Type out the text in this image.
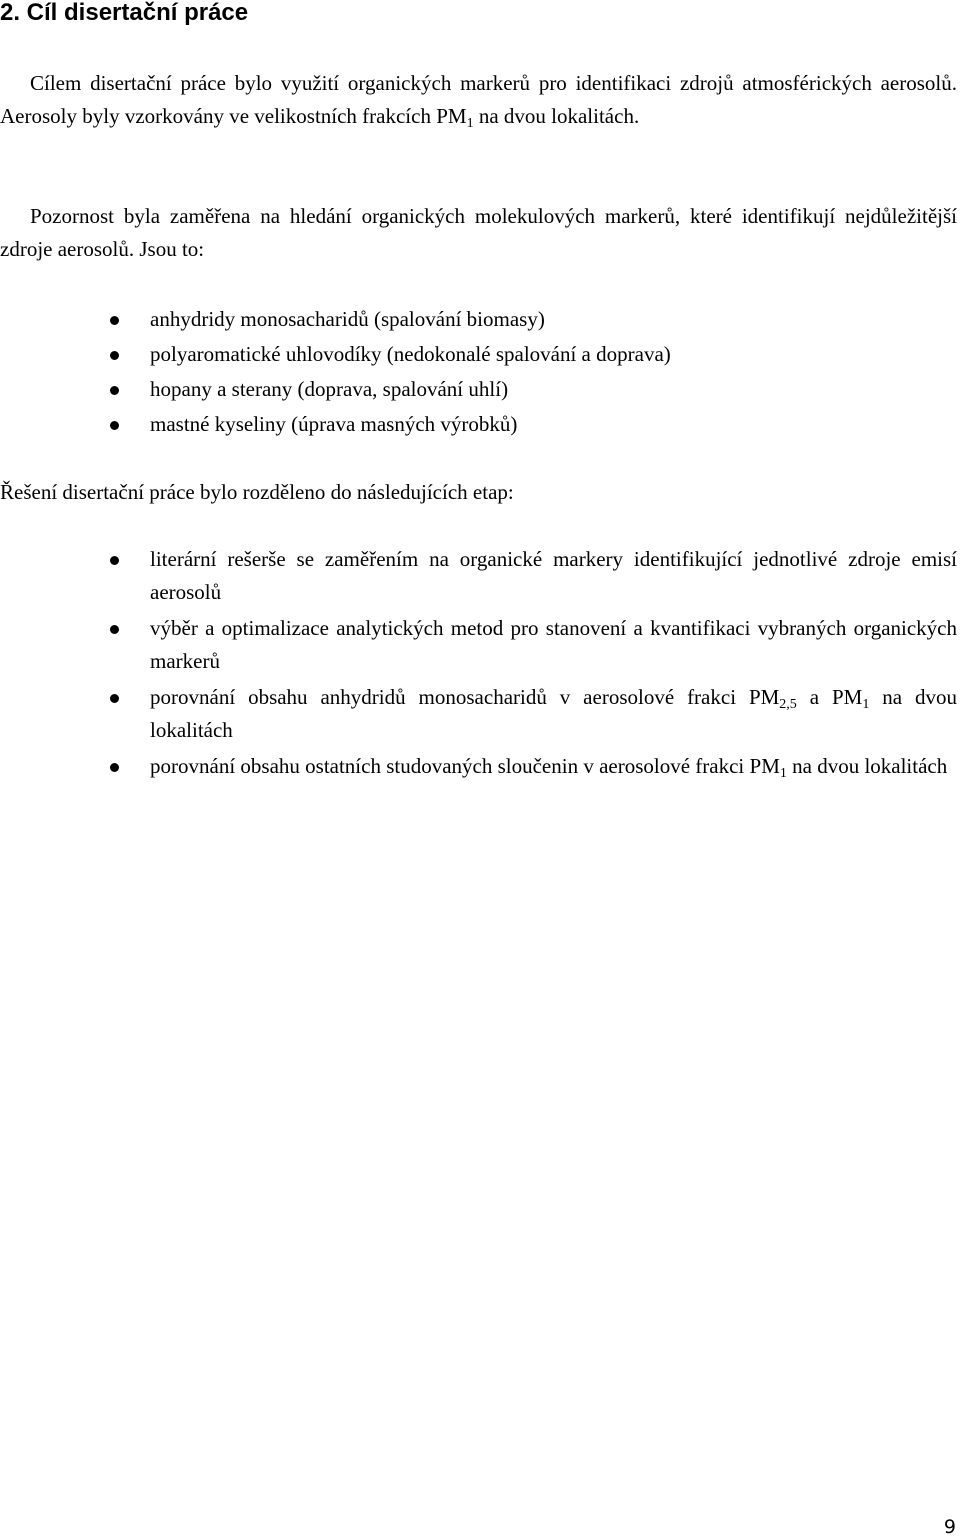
2. Cíl disertační práce

Cílem disertační práce bylo využití organických markerů pro identifikaci zdrojů atmosférických aerosolů. Aerosoly byly vzorkovány ve velikostních frakcích $PM_1$ na dvou lokalitách.

Pozornost byla zaměřena na hledání organických molekulových markerů, které identifikují nejdůležitější zdroje aerosolů. Jsou to:

anhydridy monosacharidů (spalování biomasy)
polyaromatické uhlovodíky (nedokonalé spalování a doprava)
hopany a sterany (doprava, spalování uhlí)
mastné kyseliny (úprava masných výrobků)

Řešení disertační práce bylo rozděleno do následujících etap:

literární rešerše se zaměřením na organické markery identifikující jednotlivé zdroje emisí aerosolů
výběr a optimalizace analytických metod pro stanovení a kvantifikaci vybraných organických markerů
porovnání obsahu anhydridů monosacharidů v aerosolové frakci $PM_{2,5}$ a $PM_1$ na dvou lokalitách
porovnání obsahu ostatních studovaných sloučenin v aerosolové frakci $PM_1$ na dvou lokalitách
9
